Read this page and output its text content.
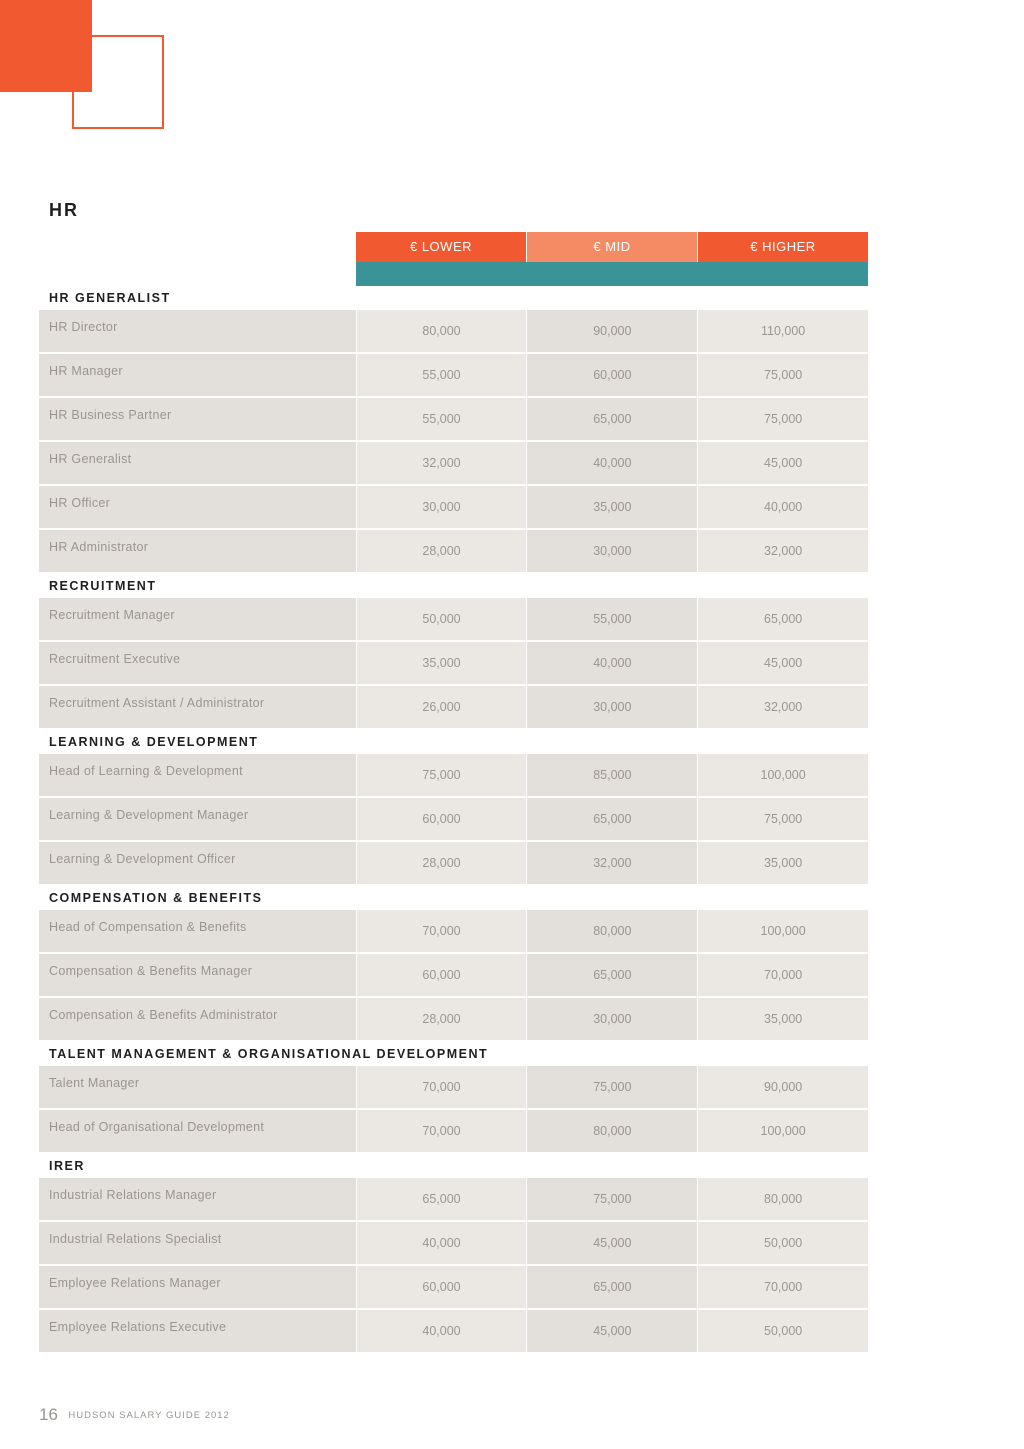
HR
€ LOWER	€ MID	€ HIGHER
HR GENERALIST
HR Director	80,000	90,000	110,000
HR Manager	55,000	60,000	75,000
HR Business Partner	55,000	65,000	75,000
HR Generalist	32,000	40,000	45,000
HR Officer	30,000	35,000	40,000
HR Administrator	28,000	30,000	32,000
RECRUITMENT
Recruitment Manager	50,000	55,000	65,000
Recruitment Executive	35,000	40,000	45,000
Recruitment Assistant / Administrator	26,000	30,000	32,000
LEARNING & DEVELOPMENT
Head of Learning & Development	75,000	85,000	100,000
Learning & Development Manager	60,000	65,000	75,000
Learning & Development Officer	28,000	32,000	35,000
COMPENSATION & BENEFITS
Head of Compensation & Benefits	70,000	80,000	100,000
Compensation & Benefits Manager	60,000	65,000	70,000
Compensation & Benefits Administrator	28,000	30,000	35,000
TALENT MANAGEMENT & ORGANISATIONAL DEVELOPMENT
Talent Manager	70,000	75,000	90,000
Head of Organisational Development	70,000	80,000	100,000
IRER
Industrial Relations Manager	65,000	75,000	80,000
Industrial Relations Specialist	40,000	45,000	50,000
Employee Relations Manager	60,000	65,000	70,000
Employee Relations Executive	40,000	45,000	50,000
16 HUDSON SALARY GUIDE 2012
